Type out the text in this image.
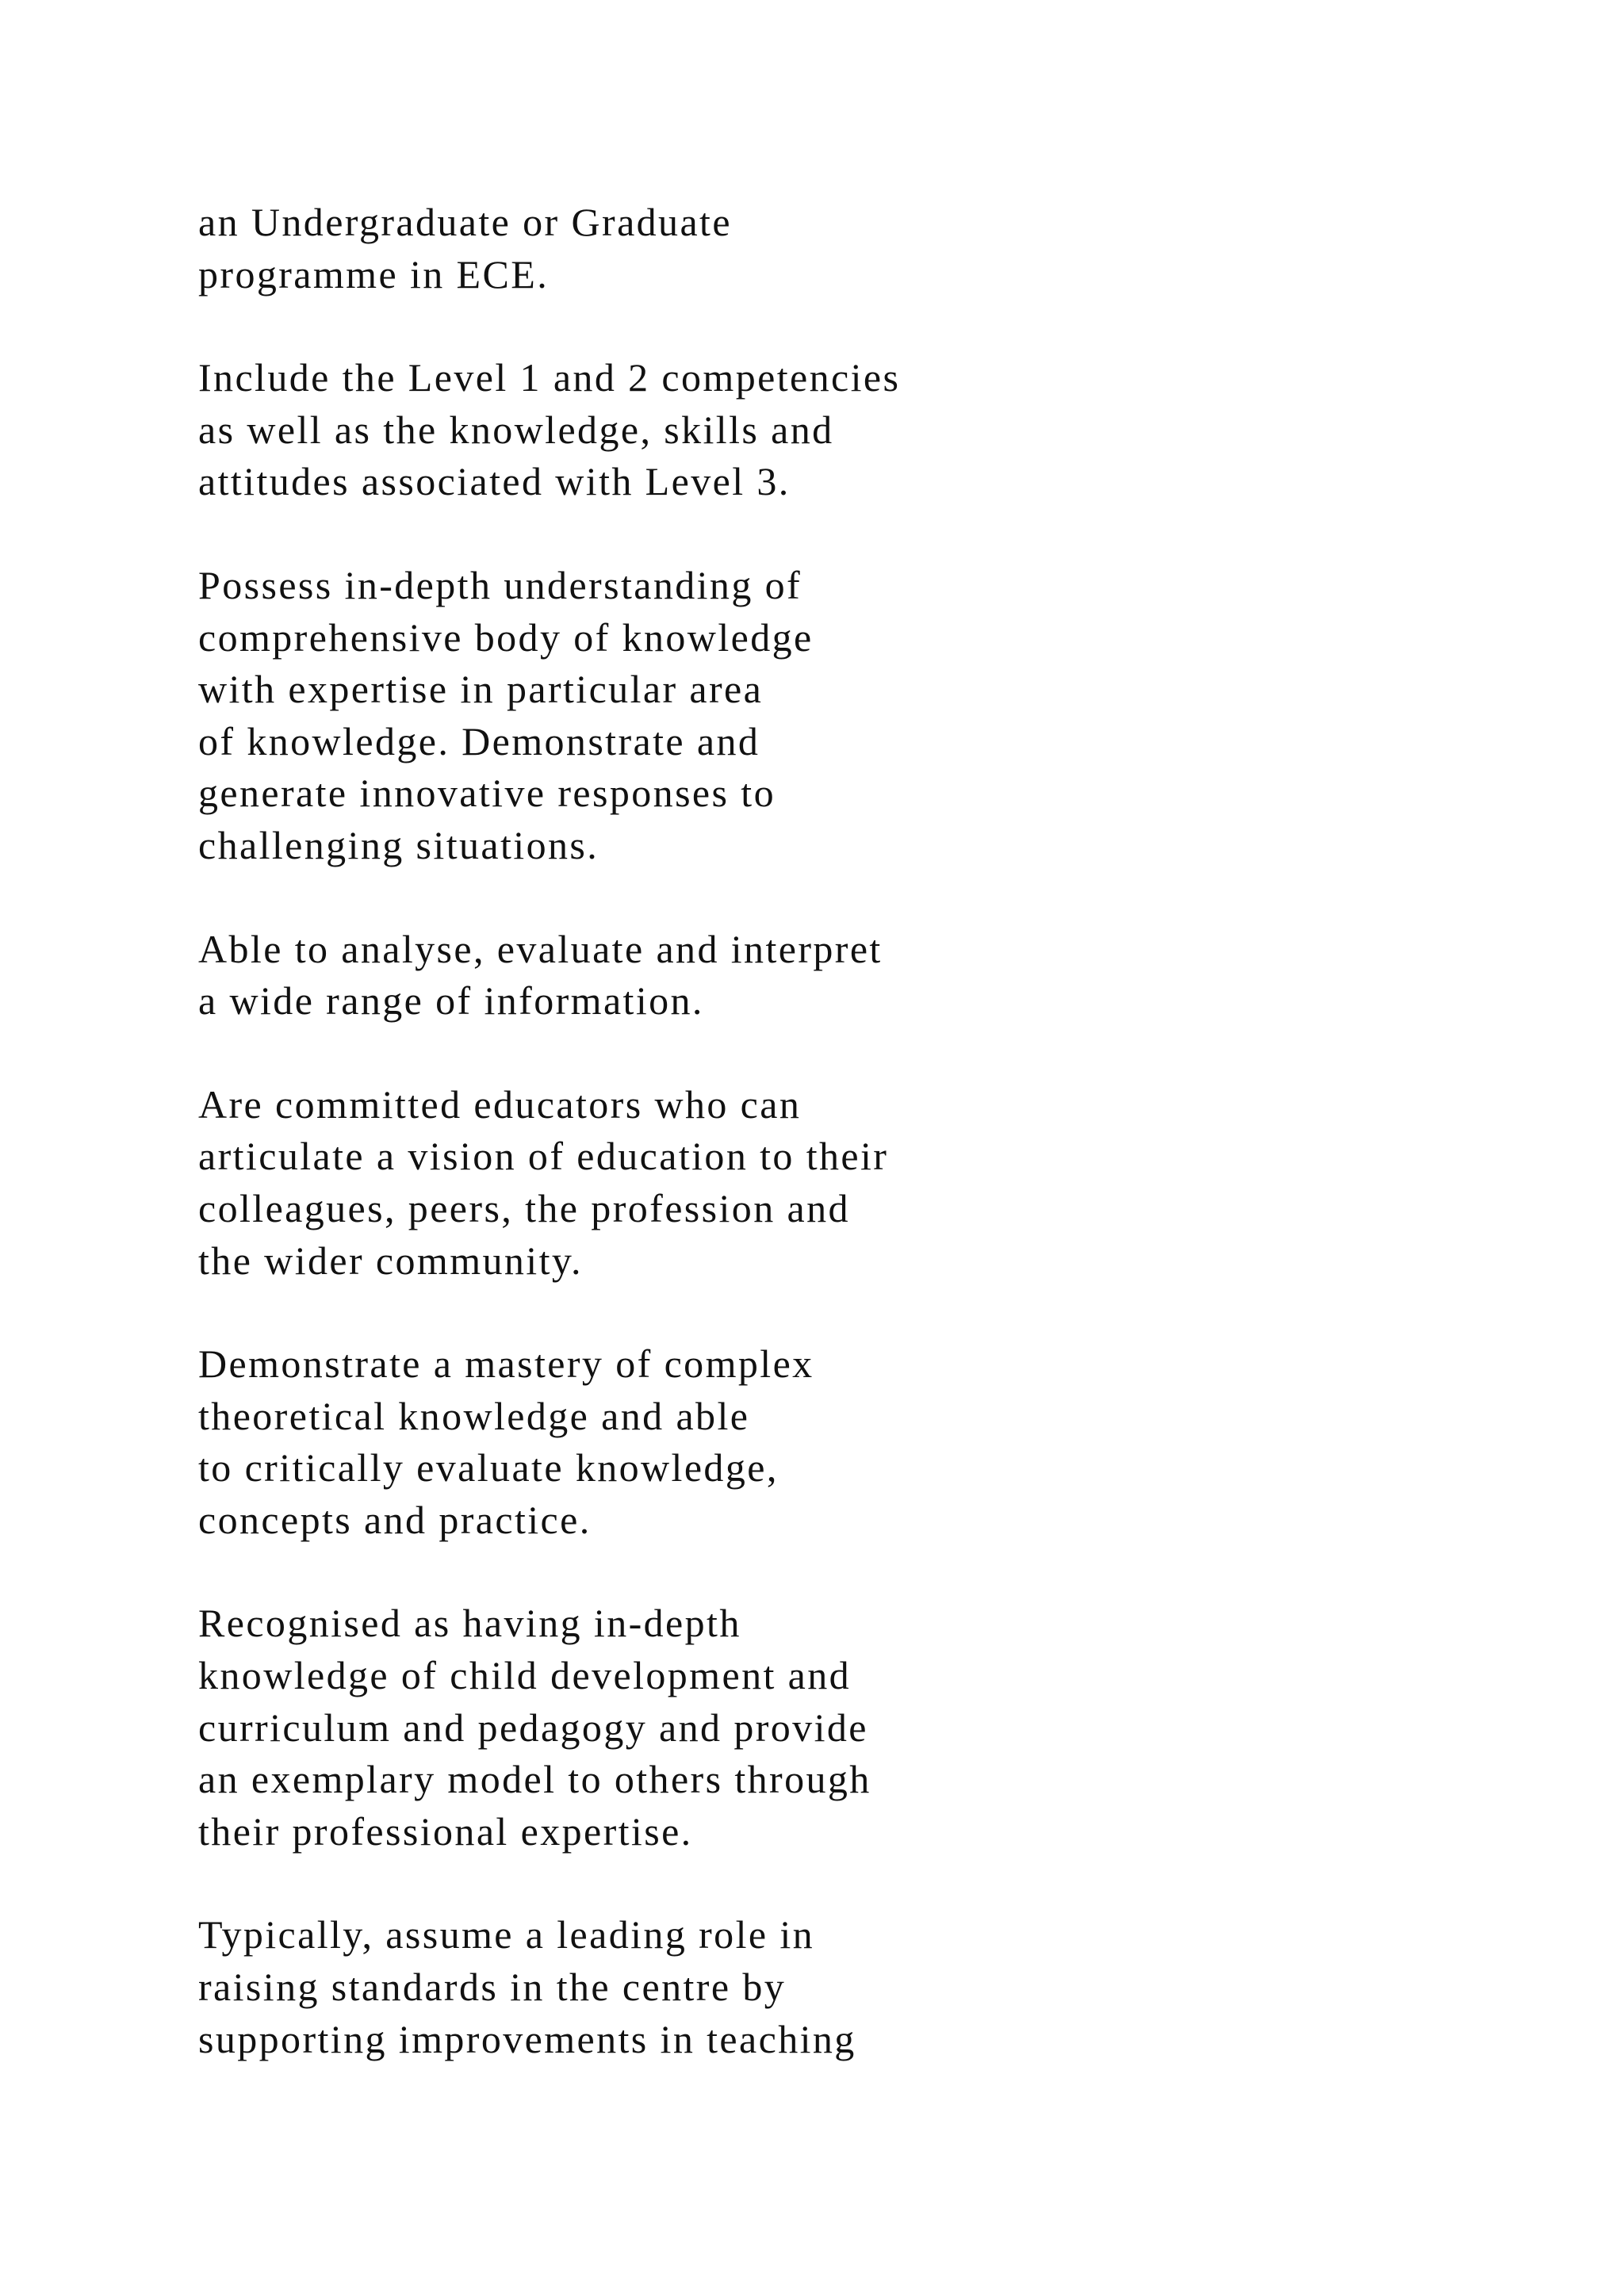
an Undergraduate or Graduate
programme in ECE.
Include the Level 1 and 2 competencies
as well as the knowledge, skills and
attitudes associated with Level 3.
Possess in-depth understanding of
comprehensive body of knowledge
with expertise in particular area
of knowledge. Demonstrate and
generate innovative responses to
challenging situations.
Able to analyse, evaluate and interpret
a wide range of information.
Are committed educators who can
articulate a vision of education to their
colleagues, peers, the profession and
the wider community.
Demonstrate a mastery of complex
theoretical knowledge and able
to critically evaluate knowledge,
concepts and practice.
Recognised as having in-depth
knowledge of child development and
curriculum and pedagogy and provide
an exemplary model to others through
their professional expertise.
Typically, assume a leading role in
raising standards in the centre by
supporting improvements in teaching
